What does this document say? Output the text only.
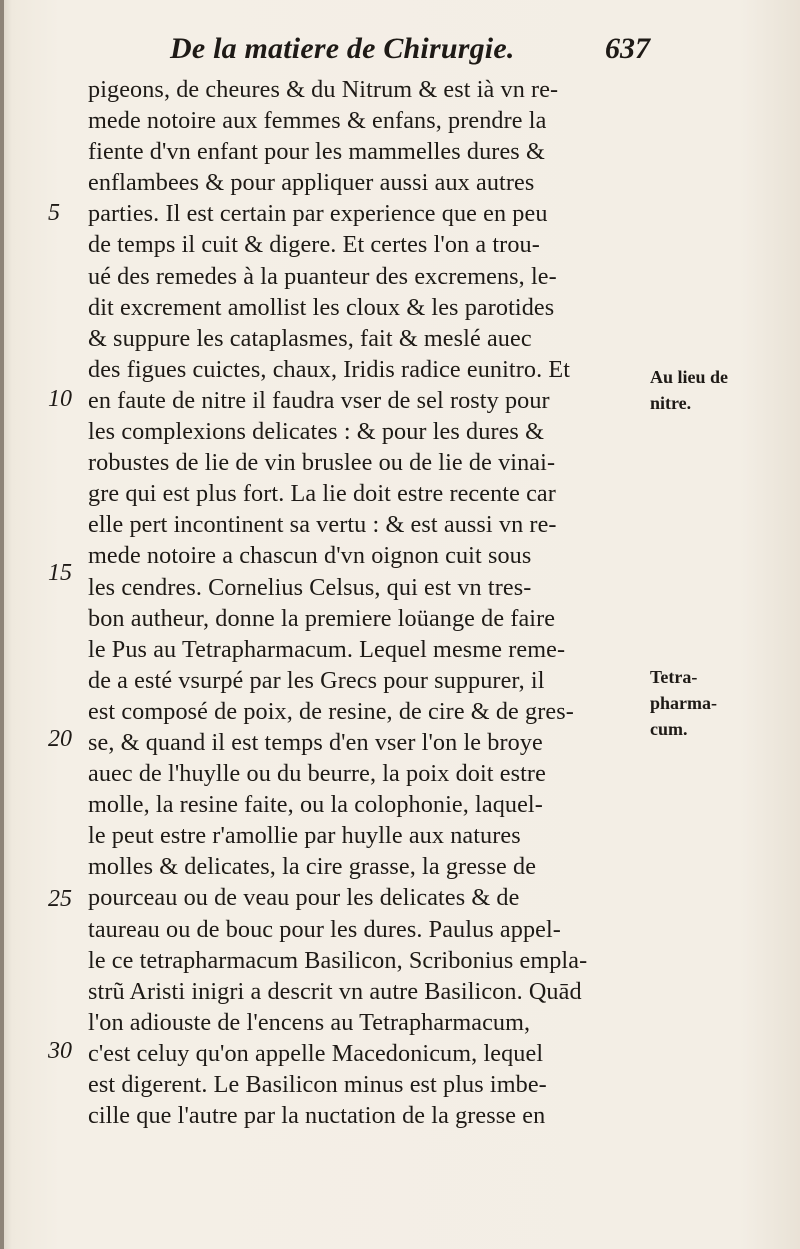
De la matiere de Chirurgie.	637
pigeons, de cheures & du Nitrum & est ià vn re-
mede notoire aux femmes & enfans, prendre la
fiente d'vn enfant pour les mammelles dures &
enflambees & pour appliquer aussi aux autres
parties. Il est certain par experience que en peu
de temps il cuit & digere. Et certes l'on a trou-
ué des remedes à la puanteur des excremens, le-
dit excrement amollist les cloux & les parotides
& suppure les cataplasmes, fait & meslé auec
des figues cuictes, chaux, Iridis radice eunitro. Et
en faute de nitre il faudra vser de sel rosty pour
les complexions delicates : & pour les dures &
robustes de lie de vin bruslee ou de lie de vinai-
gre qui est plus fort. La lie doit estre recente car
elle pert incontinent sa vertu : & est aussi vn re-
mede notoire a chascun d'vn oignon cuit sous
les cendres. Cornelius Celsus, qui est vn tres-
bon autheur, donne la premiere loüange de faire
le Pus au Tetrapharmacum. Lequel mesme reme-
de a esté vsurpé par les Grecs pour suppurer, il
est composé de poix, de resine, de cire & de gres-
se, & quand il est temps d'en vser l'on le broye
auec de l'huylle ou du beurre, la poix doit estre
molle, la resine faite, ou la colophonie, laquel-
le peut estre r'amollie par huylle aux natures
molles & delicates, la cire grasse, la gresse de
pourceau ou de veau pour les delicates & de
taureau ou de bouc pour les dures. Paulus appel-
le ce tetrapharmacum Basilicon, Scribonius empla-
strũ Aristi inigri a descrit vn autre Basilicon. Quād
l'on adiouste de l'encens au Tetrapharmacum,
c'est celuy qu'on appelle Macedonicum, lequel
est digerent. Le Basilicon minus est plus imbe-
cille que l'autre par la nuctation de la gresse en
5
10
15
20
25
30
Au lieu de
nitre.
Tetra-
pharma-
cum.
